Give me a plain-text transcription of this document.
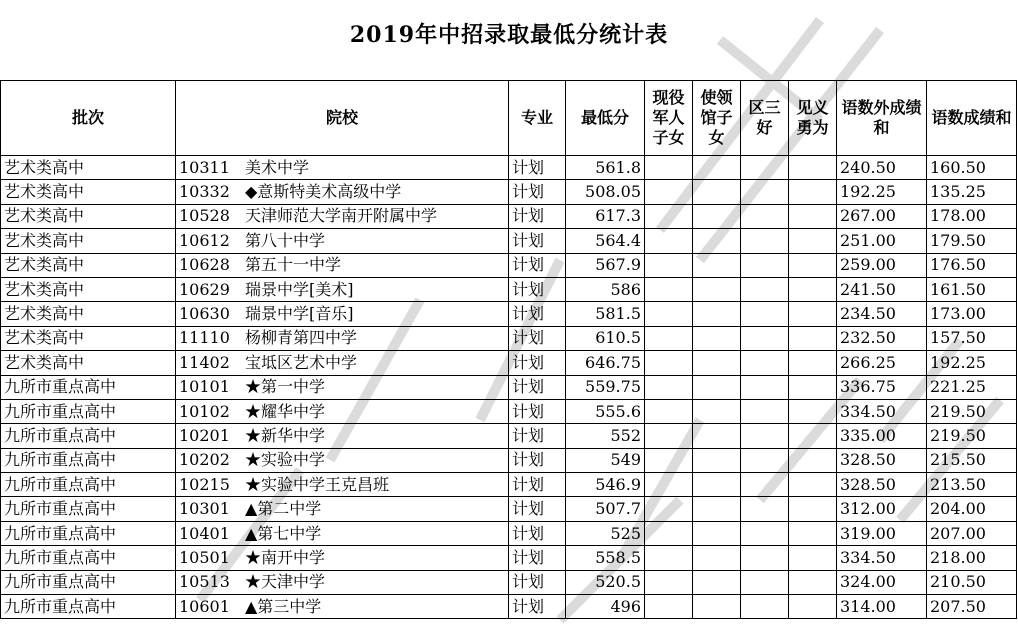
2019年中招录取最低分统计表
批次	院校	专业	最低分	现役军人子女	使领馆子女	区三好	见义勇为	语数外成绩和	语数成绩和
艺术类高中	10311 美术中学	计划	561.8					240.50	160.50
艺术类高中	10332 ◆意斯特美术高级中学	计划	508.05					192.25	135.25
艺术类高中	10528 天津师范大学南开附属中学	计划	617.3					267.00	178.00
艺术类高中	10612 第八十中学	计划	564.4					251.00	179.50
艺术类高中	10628 第五十一中学	计划	567.9					259.00	176.50
艺术类高中	10629 瑞景中学[美术]	计划	586					241.50	161.50
艺术类高中	10630 瑞景中学[音乐]	计划	581.5					234.50	173.00
艺术类高中	11110 杨柳青第四中学	计划	610.5					232.50	157.50
艺术类高中	11402 宝坻区艺术中学	计划	646.75					266.25	192.25
九所市重点高中	10101 ★第一中学	计划	559.75					336.75	221.25
九所市重点高中	10102 ★耀华中学	计划	555.6					334.50	219.50
九所市重点高中	10201 ★新华中学	计划	552					335.00	219.50
九所市重点高中	10202 ★实验中学	计划	549					328.50	215.50
九所市重点高中	10215 ★实验中学王克昌班	计划	546.9					328.50	213.50
九所市重点高中	10301 ▲第二中学	计划	507.7					312.00	204.00
九所市重点高中	10401 ▲第七中学	计划	525					319.00	207.00
九所市重点高中	10501 ★南开中学	计划	558.5					334.50	218.00
九所市重点高中	10513 ★天津中学	计划	520.5					324.00	210.50
九所市重点高中	10601 ▲第三中学	计划	496					314.00	207.50
